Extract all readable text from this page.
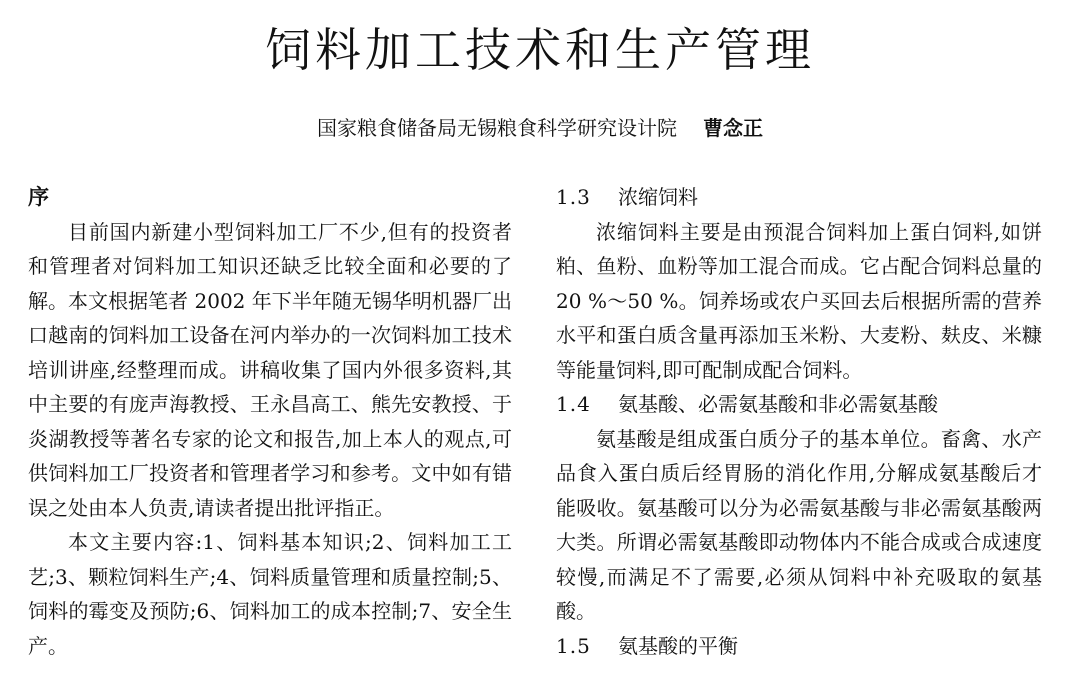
饲料加工技术和生产管理
国家粮食储备局无锡粮食科学研究设计院 曹念正
序

目前国内新建小型饲料加工厂不少,但有的投资者和管理者对饲料加工知识还缺乏比较全面和必要的了解。本文根据笔者 2002 年下半年随无锡华明机器厂出口越南的饲料加工设备在河内举办的一次饲料加工技术培训讲座,经整理而成。讲稿收集了国内外很多资料,其中主要的有庞声海教授、王永昌高工、熊先安教授、于炎湖教授等著名专家的论文和报告,加上本人的观点,可供饲料加工厂投资者和管理者学习和参考。文中如有错误之处由本人负责,请读者提出批评指正。

本文主要内容:1、饲料基本知识;2、饲料加工工艺;3、颗粒饲料生产;4、饲料质量管理和质量控制;5、饲料的霉变及预防;6、饲料加工的成本控制;7、安全生产。

1.3 浓缩饲料

浓缩饲料主要是由预混合饲料加上蛋白饲料,如饼粕、鱼粉、血粉等加工混合而成。它占配合饲料总量的 20 %～50 %。饲养场或农户买回去后根据所需的营养水平和蛋白质含量再添加玉米粉、大麦粉、麸皮、米糠等能量饲料,即可配制成配合饲料。

1.4 氨基酸、必需氨基酸和非必需氨基酸

氨基酸是组成蛋白质分子的基本单位。畜禽、水产品食入蛋白质后经胃肠的消化作用,分解成氨基酸后才能吸收。氨基酸可以分为必需氨基酸与非必需氨基酸两大类。所谓必需氨基酸即动物体内不能合成或合成速度较慢,而满足不了需要,必须从饲料中补充吸取的氨基酸。

1.5 氨基酸的平衡
